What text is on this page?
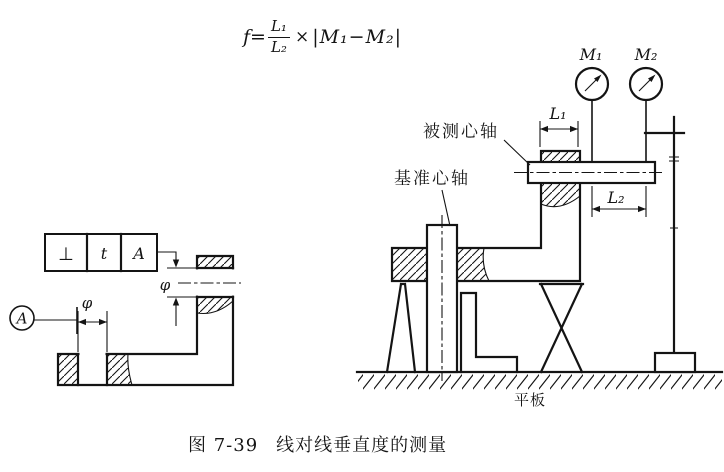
$f= \frac{\text{L₁}}{\text{L₂}} \times |M_1-M_2|$
⊥ t A
φ
A
φ
M₁ M₂
L₁
L₂
被测心轴
基准心轴
平板
图 7-39 线对线垂直度的测量
